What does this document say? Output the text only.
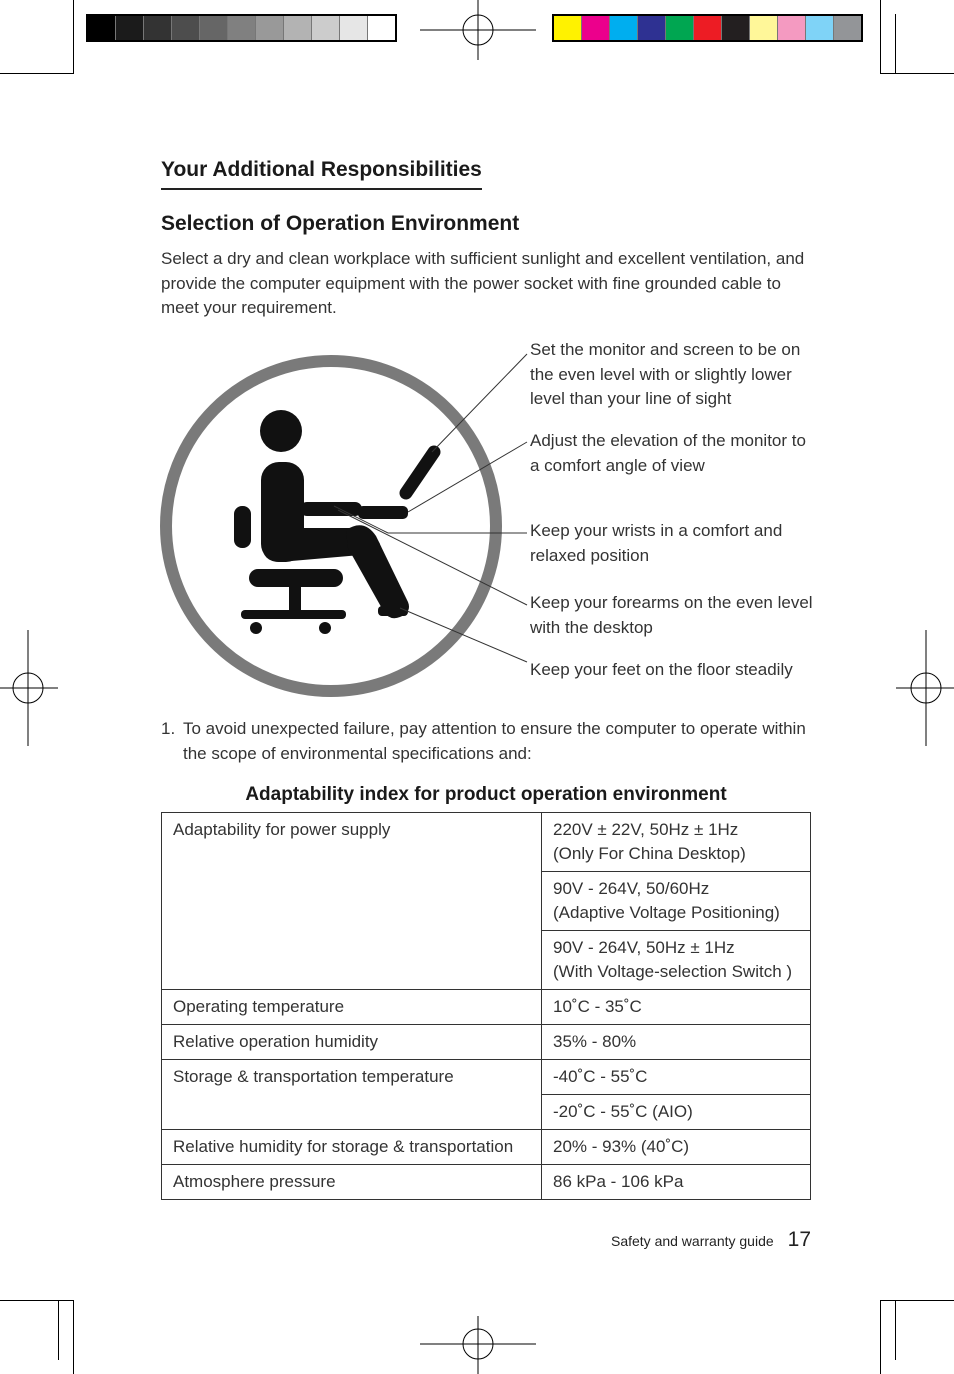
Your Additional Responsibilities
Selection of Operation Environment

Select a dry and clean workplace with sufficient sunlight and excellent ventilation, and provide the computer equipment with the power socket with fine grounded cable to meet your requirement.

Set the monitor and screen to be on the even level with or slightly lower level than your line of sight
Adjust the elevation of the monitor to a comfort angle of view
Keep your wrists in a comfort and relaxed position
Keep your forearms on the even level with the desktop
Keep your feet on the floor steadily
1. To avoid unexpected failure, pay attention to ensure the computer to operate within the scope of environmental specifications and:
Adaptability index for product operation environment
Adaptability for power supply	220V ± 22V, 50Hz ± 1Hz
(Only For China Desktop)

	90V - 264V, 50/60Hz
(Adaptive Voltage Positioning)

	90V - 264V, 50Hz ± 1Hz
(With Voltage-selection Switch )

Operating temperature	10˚C - 35˚C
Relative operation humidity	35% - 80%
Storage & transportation temperature	-40˚C - 55˚C
	-20˚C - 55˚C (AIO)
Relative humidity for storage & transportation	20% - 93% (40˚C)
Atmosphere pressure	86 kPa - 106 kPa
Safety and warranty guide 17
